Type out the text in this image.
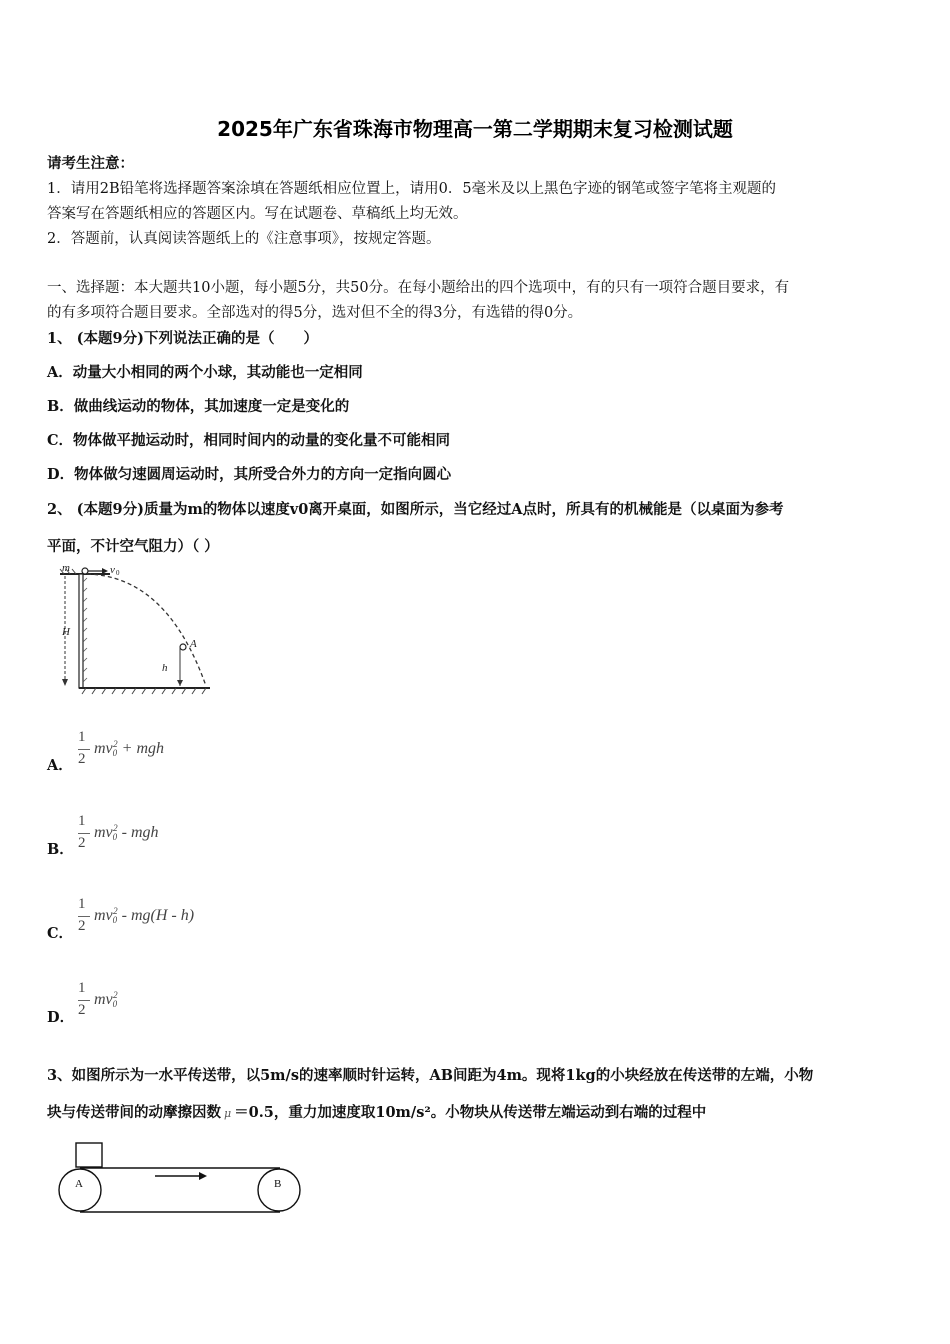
2025年广东省珠海市物理高一第二学期期末复习检测试题
请考生注意：
1．请用2B铅笔将选择题答案涂填在答题纸相应位置上，请用0．5毫米及以上黑色字迹的钢笔或签字笔将主观题的
答案写在答题纸相应的答题区内。写在试题卷、草稿纸上均无效。
2．答题前，认真阅读答题纸上的《注意事项》，按规定答题。
一、选择题：本大题共10小题，每小题5分，共50分。在每小题给出的四个选项中，有的只有一项符合题目要求，有
的有多项符合题目要求。全部选对的得5分，选对但不全的得3分，有选错的得0分。
1、 (本题9分)下列说法正确的是（　　）
A．动量大小相同的两个小球，其动能也一定相同
B．做曲线运动的物体，其加速度一定是变化的
C．物体做平抛运动时，相同时间内的动量的变化量不可能相同
D．物体做匀速圆周运动时，其所受合外力的方向一定指向圆心
2、 (本题9分)质量为m的物体以速度v0离开桌面，如图所示，当它经过A点时，所具有的机械能是（以桌面为参考
平面，不计空气阻力）（ ）
m	v 0
H
h
A
A．
1
2
$mv_0^2$ + mgh
B．
1
2
$mv_0^2$ - mgh
C．
1
2
$mv_0^2 - mg(H - h)$
D．
1
2
$mv_0^2$
3、如图所示为一水平传送带，以5m/s的速率顺时针运转，AB间距为4m。现将1kg的小块经放在传送带的左端，小物
块与传送带间的动摩擦因数 μ ＝0.5，重力加速度取10m/s²。小物块从传送带左端运动到右端的过程中
A	B
